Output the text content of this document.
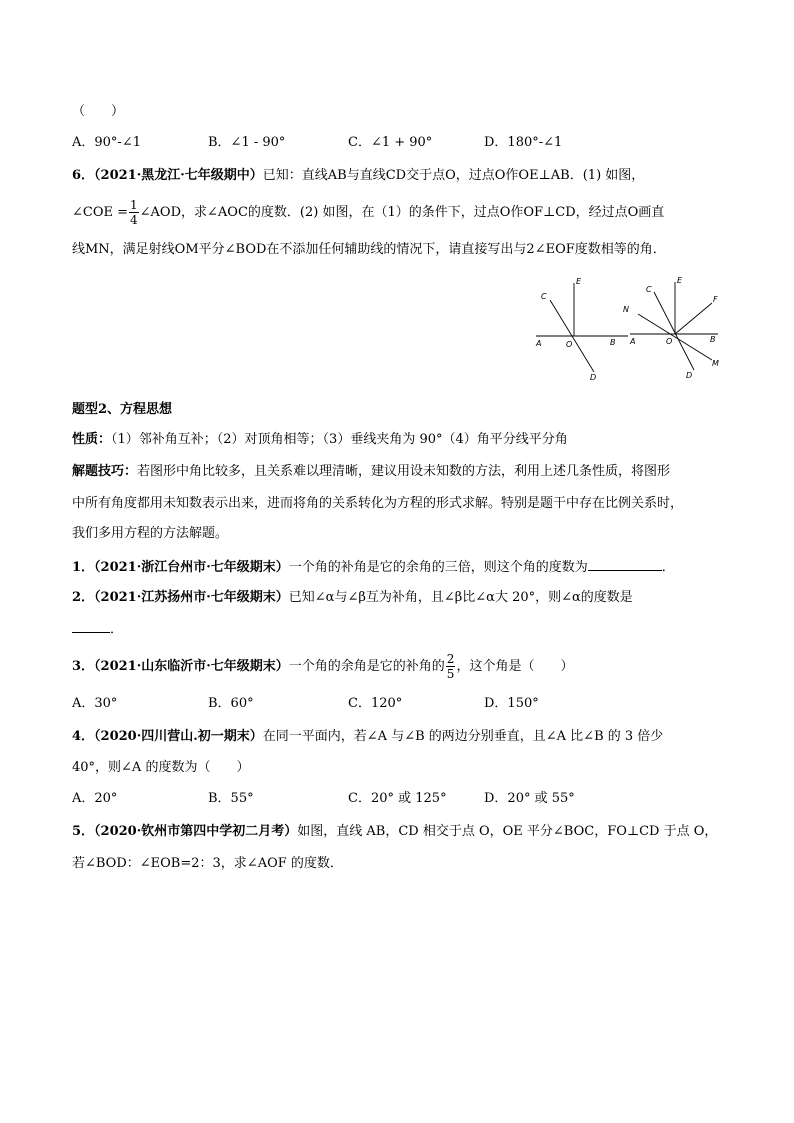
（　　）
A．90°-∠1	B．∠1 - 90°	C．∠1 + 90°	D．180°-∠1
6．（2021·黑龙江·七年级期中）已知：直线AB与直线CD交于点O，过点O作OE⊥AB．(1) 如图，
∠COE = $\frac{1}{4}$ ∠AOD，求∠AOC的度数．(2) 如图，在（1）的条件下，过点O作OF⊥CD，经过点O画直
线MN，满足射线OM平分∠BOD在不添加任何辅助线的情况下，请直接写出与2∠EOF度数相等的角．
C
E
A	O	B
D
E
N
F
C
A	O	B
M
D
题型2、方程思想
性质：（1）邻补角互补；（2）对顶角相等；（3）垂线夹角为 90°（4）角平分线平分角
解题技巧：若图形中角比较多，且关系难以理清晰，建议用设未知数的方法，利用上述几条性质，将图形
中所有角度都用未知数表示出来，进而将角的关系转化为方程的形式求解。特别是题干中存在比例关系时，
我们多用方程的方法解题。
1．（2021·浙江台州市·七年级期末）一个角的补角是它的余角的三倍，则这个角的度数为	．
2．（2021·江苏扬州市·七年级期末）已知∠α与∠β互为补角，且∠β比∠α大 20°，则∠α的度数是
．
3．（2021·山东临沂市·七年级期末）一个角的余角是它的补角的 $\frac{2}{5}$ ，这个角是（　　）
A．30°	B．60°	C．120°	D．150°
4．（2020·四川营山.初一期末）在同一平面内，若∠A 与∠B 的两边分别垂直，且∠A 比∠B 的 3 倍少
40°，则∠A 的度数为（　　）
A．20°	B．55°	C．20° 或 125°	D．20° 或 55°
5．（2020·钦州市第四中学初二月考）如图，直线 AB，CD 相交于点 O，OE 平分∠BOC，FO⊥CD 于点 O，
若∠BOD：∠EOB=2：3，求∠AOF 的度数．
